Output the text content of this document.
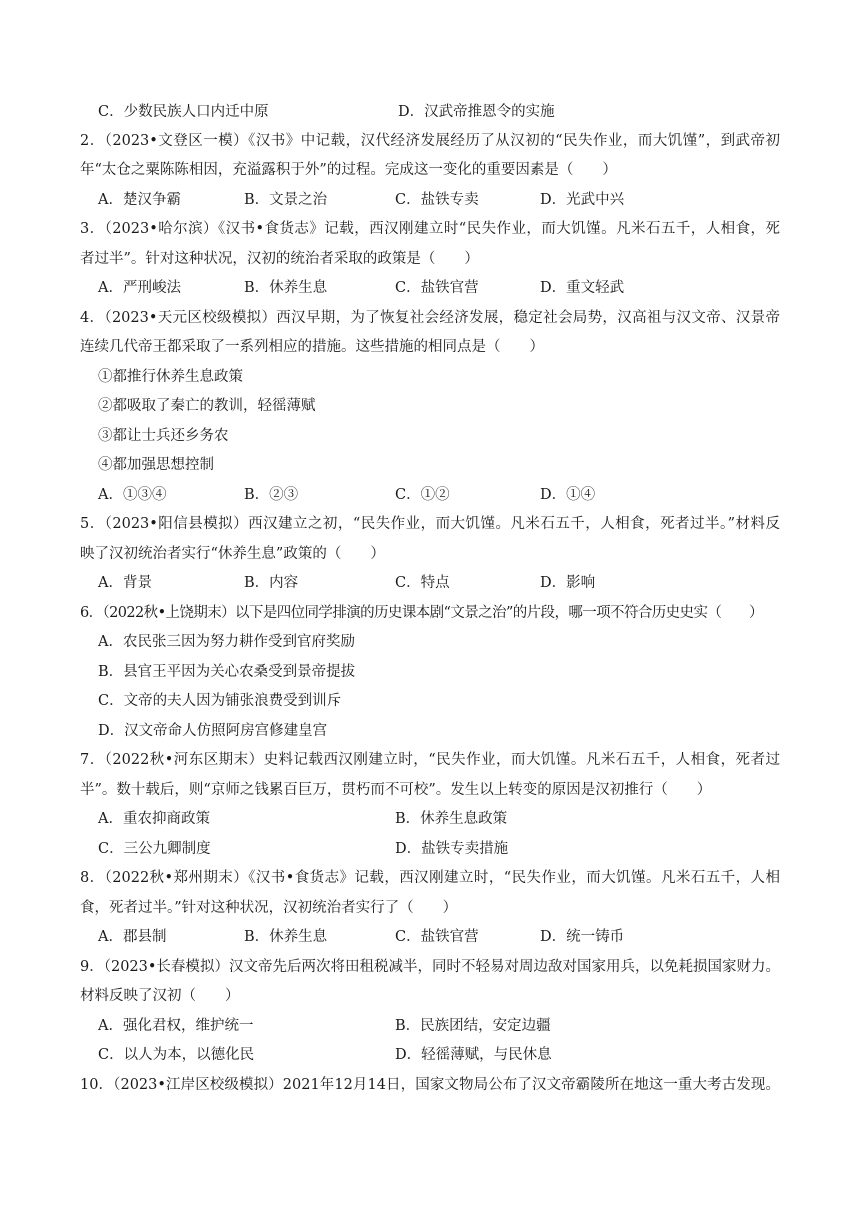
C．少数民族人口内迁中原	D．汉武帝推恩令的实施
2．（2023•文登区一模）《汉书》中记载，汉代经济发展经历了从汉初的“民失作业，而大饥馑”，到武帝初
年“太仓之粟陈陈相因，充溢露积于外”的过程。完成这一变化的重要因素是（　　）
A．楚汉争霸	B．文景之治	C．盐铁专卖	D．光武中兴
3．（2023•哈尔滨）《汉书•食货志》记载，西汉刚建立时“民失作业，而大饥馑。凡米石五千，人相食，死
者过半”。针对这种状况，汉初的统治者采取的政策是（　　）
A．严刑峻法	B．休养生息	C．盐铁官营	D．重文轻武
4．（2023•天元区校级模拟）西汉早期，为了恢复社会经济发展，稳定社会局势，汉高祖与汉文帝、汉景帝
连续几代帝王都采取了一系列相应的措施。这些措施的相同点是（　　）
①都推行休养生息政策
②都吸取了秦亡的教训，轻徭薄赋
③都让士兵还乡务农
④都加强思想控制
A．①③④	B．②③	C．①②	D．①④
5．（2023•阳信县模拟）西汉建立之初，“民失作业，而大饥馑。凡米石五千，人相食，死者过半。”材料反
映了汉初统治者实行“休养生息”政策的（　　）
A．背景	B．内容	C．特点	D．影响
6．（2022秋•上饶期末）以下是四位同学排演的历史课本剧“文景之治”的片段，哪一项不符合历史史实（　　）
A．农民张三因为努力耕作受到官府奖励
B．县官王平因为关心农桑受到景帝提拔
C．文帝的夫人因为铺张浪费受到训斥
D．汉文帝命人仿照阿房宫修建皇宫
7．（2022秋•河东区期末）史料记载西汉刚建立时，“民失作业，而大饥馑。凡米石五千，人相食，死者过
半”。数十载后，则“京师之钱累百巨万，贯朽而不可校”。发生以上转变的原因是汉初推行（　　）
A．重农抑商政策	B．休养生息政策
C．三公九卿制度	D．盐铁专卖措施
8．（2022秋•郑州期末）《汉书•食货志》记载，西汉刚建立时，“民失作业，而大饥馑。凡米石五千，人相
食，死者过半。”针对这种状况，汉初统治者实行了（　　）
A．郡县制	B．休养生息	C．盐铁官营	D．统一铸币
9．（2023•长春模拟）汉文帝先后两次将田租税减半，同时不轻易对周边敌对国家用兵，以免耗损国家财力。
材料反映了汉初（　　）
A．强化君权，维护统一	B．民族团结，安定边疆
C．以人为本，以德化民	D．轻徭薄赋，与民休息
10．（2023•江岸区校级模拟）2021年12月14日，国家文物局公布了汉文帝霸陵所在地这一重大考古发现。
